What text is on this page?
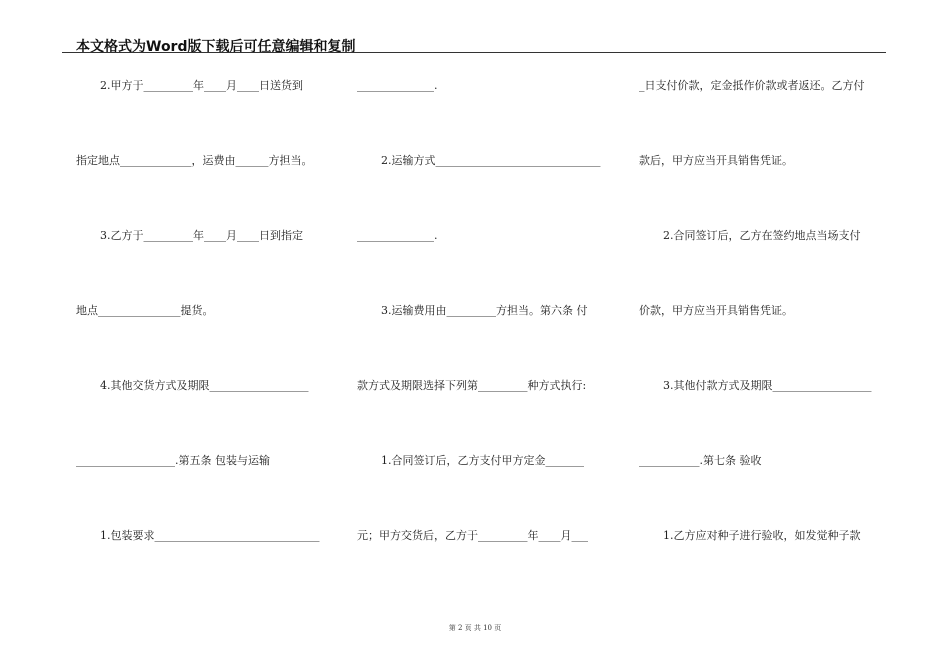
本文格式为Word版下载后可任意编辑和复制
2.甲方于_________年____月____日送货到
指定地点_____________，运费由______方担当。
3.乙方于_________年____月____日到指定
地点_______________提货。
4.其他交货方式及期限__________________
__________________.第五条 包装与运输
1.包装要求______________________________
______________.
2.运输方式______________________________
______________.
3.运输费用由_________方担当。第六条 付
款方式及期限选择下列第_________种方式执行:
1.合同签订后，乙方支付甲方定金_______
元；甲方交货后，乙方于_________年____月___
_日支付价款，定金抵作价款或者返还。乙方付
款后，甲方应当开具销售凭证。
2.合同签订后，乙方在签约地点当场支付
价款，甲方应当开具销售凭证。
3.其他付款方式及期限__________________
___________.第七条 验收
1.乙方应对种子进行验收，如发觉种子款
第 2 页 共 10 页
